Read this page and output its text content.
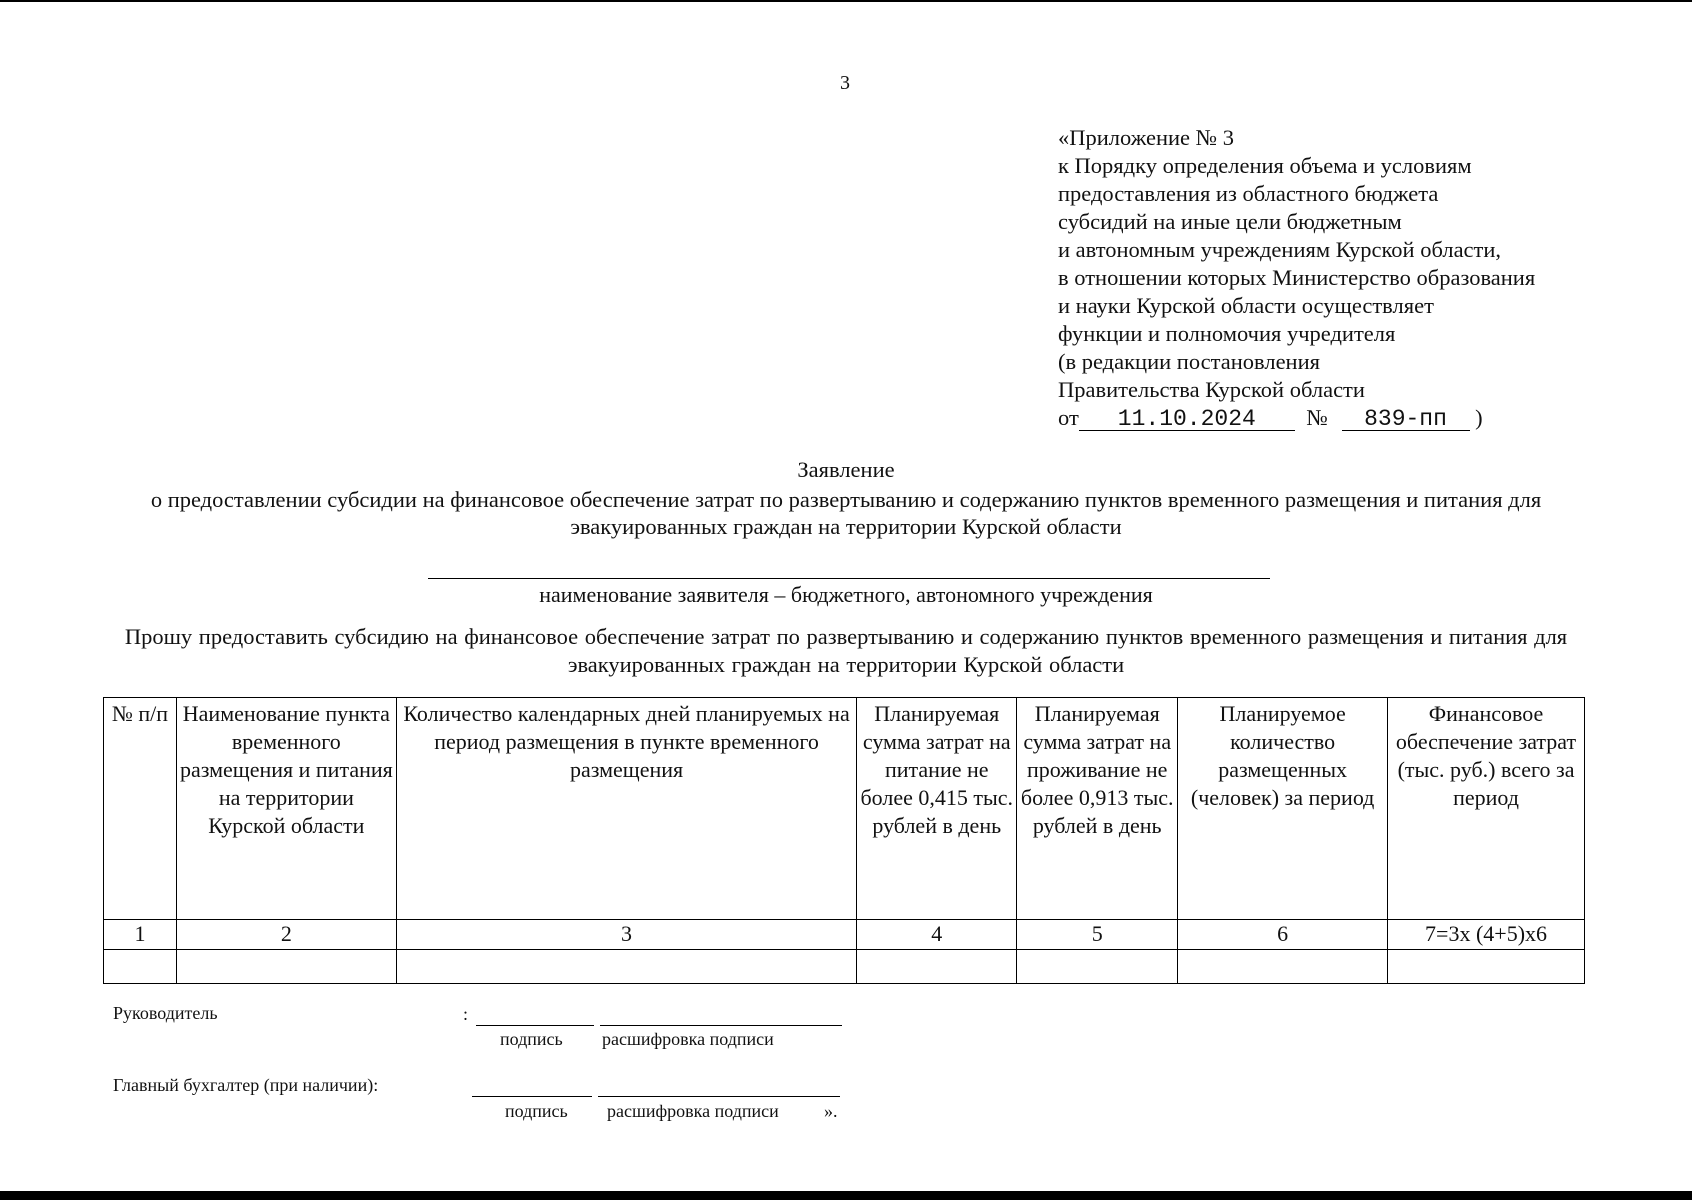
3
«Приложение № 3
к Порядку определения объема и условиям
предоставления из областного бюджета
субсидий на иные цели бюджетным
и автономным учреждениям Курской области,
в отношении которых Министерство образования
и науки Курской области осуществляет
функции и полномочия учредителя
(в редакции постановления
Правительства Курской области
от 11.10.2024 № 839-пп )
Заявление
о предоставлении субсидии на финансовое обеспечение затрат по развертыванию и содержанию пунктов временного размещения и питания для эвакуированных граждан на территории Курской области
наименование заявителя – бюджетного, автономного учреждения
Прошу предоставить субсидию на финансовое обеспечение затрат по развертыванию и содержанию пунктов временного размещения и питания для эвакуированных граждан на территории Курской области
№ п/п	Наименование пункта временного размещения и питания на территории Курской области	Количество календарных дней планируемых на период размещения в пункте временного размещения	Планируемая сумма затрат на питание не более 0,415 тыс. рублей в день	Планируемая сумма затрат на проживание не более 0,913 тыс. рублей в день	Планируемое количество размещенных (человек) за период	Финансовое обеспечение затрат (тыс. руб.) всего за период
1	2	3	4	5	6	7=3х (4+5)х6

Руководитель	:
подпись расшифровка подписи
Главный бухгалтер (при наличии):
подпись расшифровка подписи	».
